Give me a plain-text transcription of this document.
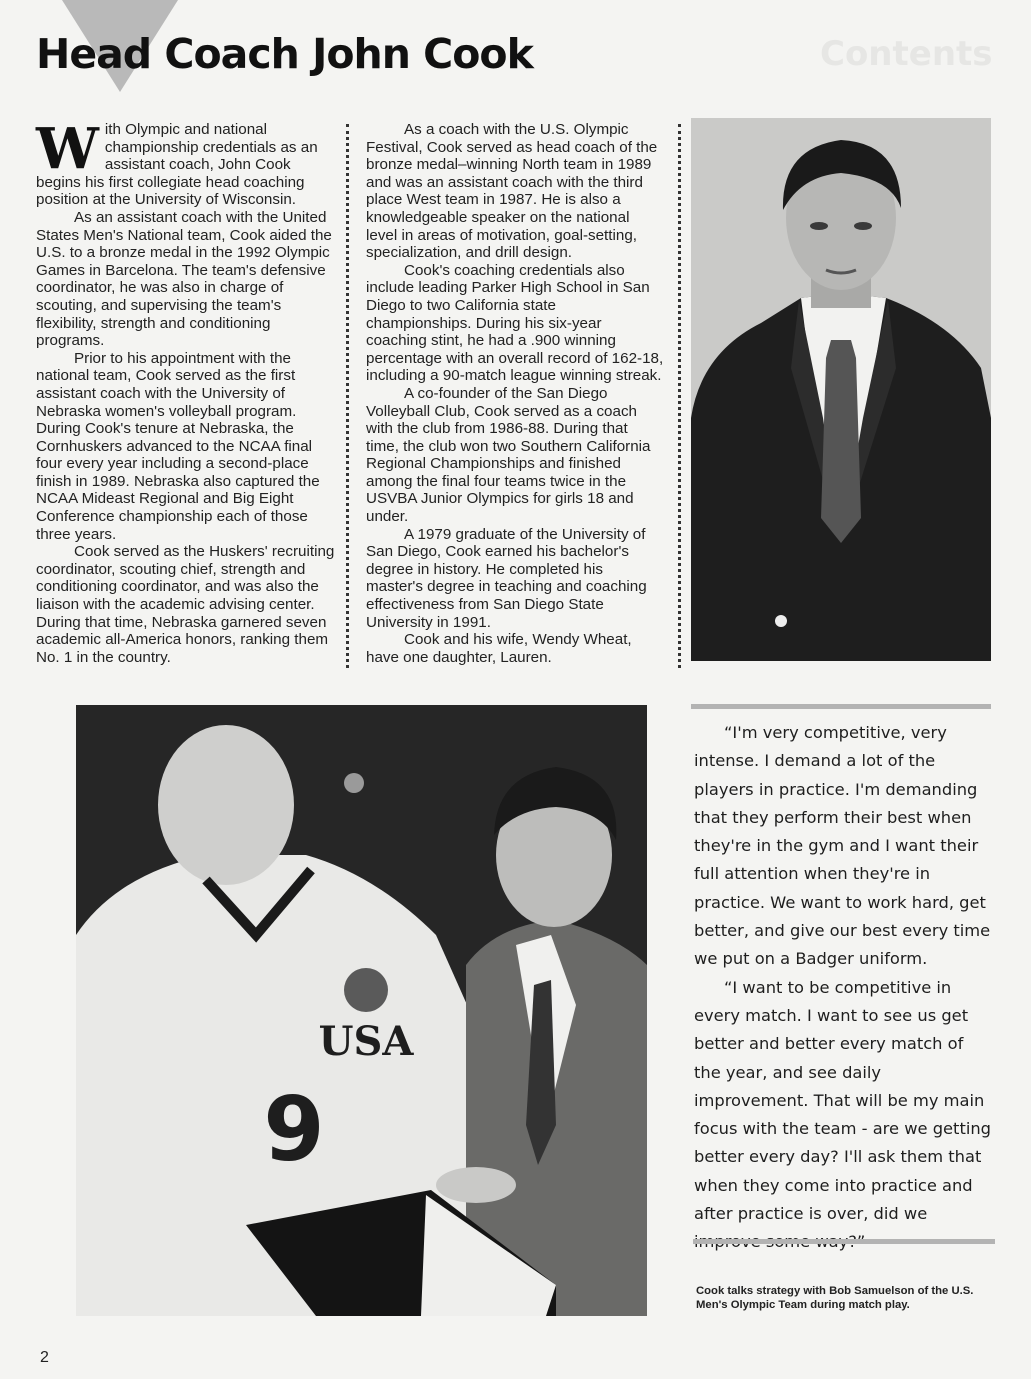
Contents
Head Coach John Cook

With Olympic and national championship credentials as an assistant coach, John Cook begins his first collegiate head coaching position at the University of Wisconsin.

As an assistant coach with the United States Men's National team, Cook aided the U.S. to a bronze medal in the 1992 Olympic Games in Barcelona. The team's defensive coordinator, he was also in charge of scouting, and supervising the team's flexibility, strength and conditioning programs.

Prior to his appointment with the national team, Cook served as the first assistant coach with the University of Nebraska women's volleyball program. During Cook's tenure at Nebraska, the Cornhuskers advanced to the NCAA final four every year including a second-place finish in 1989. Nebraska also captured the NCAA Mideast Regional and Big Eight Conference championship each of those three years.

Cook served as the Huskers' recruiting coordinator, scouting chief, strength and conditioning coordinator, and was also the liaison with the academic advising center. During that time, Nebraska garnered seven academic all-America honors, ranking them No. 1 in the country.

As a coach with the U.S. Olympic Festival, Cook served as head coach of the bronze medal–winning North team in 1989 and was an assistant coach with the third place West team in 1987. He is also a knowledgeable speaker on the national level in areas of motivation, goal-setting, specialization, and drill design.

Cook's coaching credentials also include leading Parker High School in San Diego to two California state championships. During his six-year coaching stint, he had a .900 winning percentage with an overall record of 162-18, including a 90-match league winning streak.

A co-founder of the San Diego Volleyball Club, Cook served as a coach with the club from 1986-88. During that time, the club won two Southern California Regional Championships and finished among the final four teams twice in the USVBA Junior Olympics for girls 18 and under.

A 1979 graduate of the University of San Diego, Cook earned his bachelor's degree in history. He completed his master's degree in teaching and coaching effectiveness from San Diego State University in 1991.

Cook and his wife, Wendy Wheat, have one daughter, Lauren.

USA
9

“I'm very competitive, very intense. I demand a lot of the players in practice. I'm demanding that they perform their best when they're in the gym and I want their full attention when they're in practice. We want to work hard, get better, and give our best every time we put on a Badger uniform.

“I want to be competitive in every match. I want to see us get better and better every match of the year, and see daily improvement. That will be my main focus with the team - are we getting better every day? I'll ask them that when they come into practice and after practice is over, did we

Cook talks strategy with Bob Samuelson of the U.S. Men's Olympic Team during match play.
2
